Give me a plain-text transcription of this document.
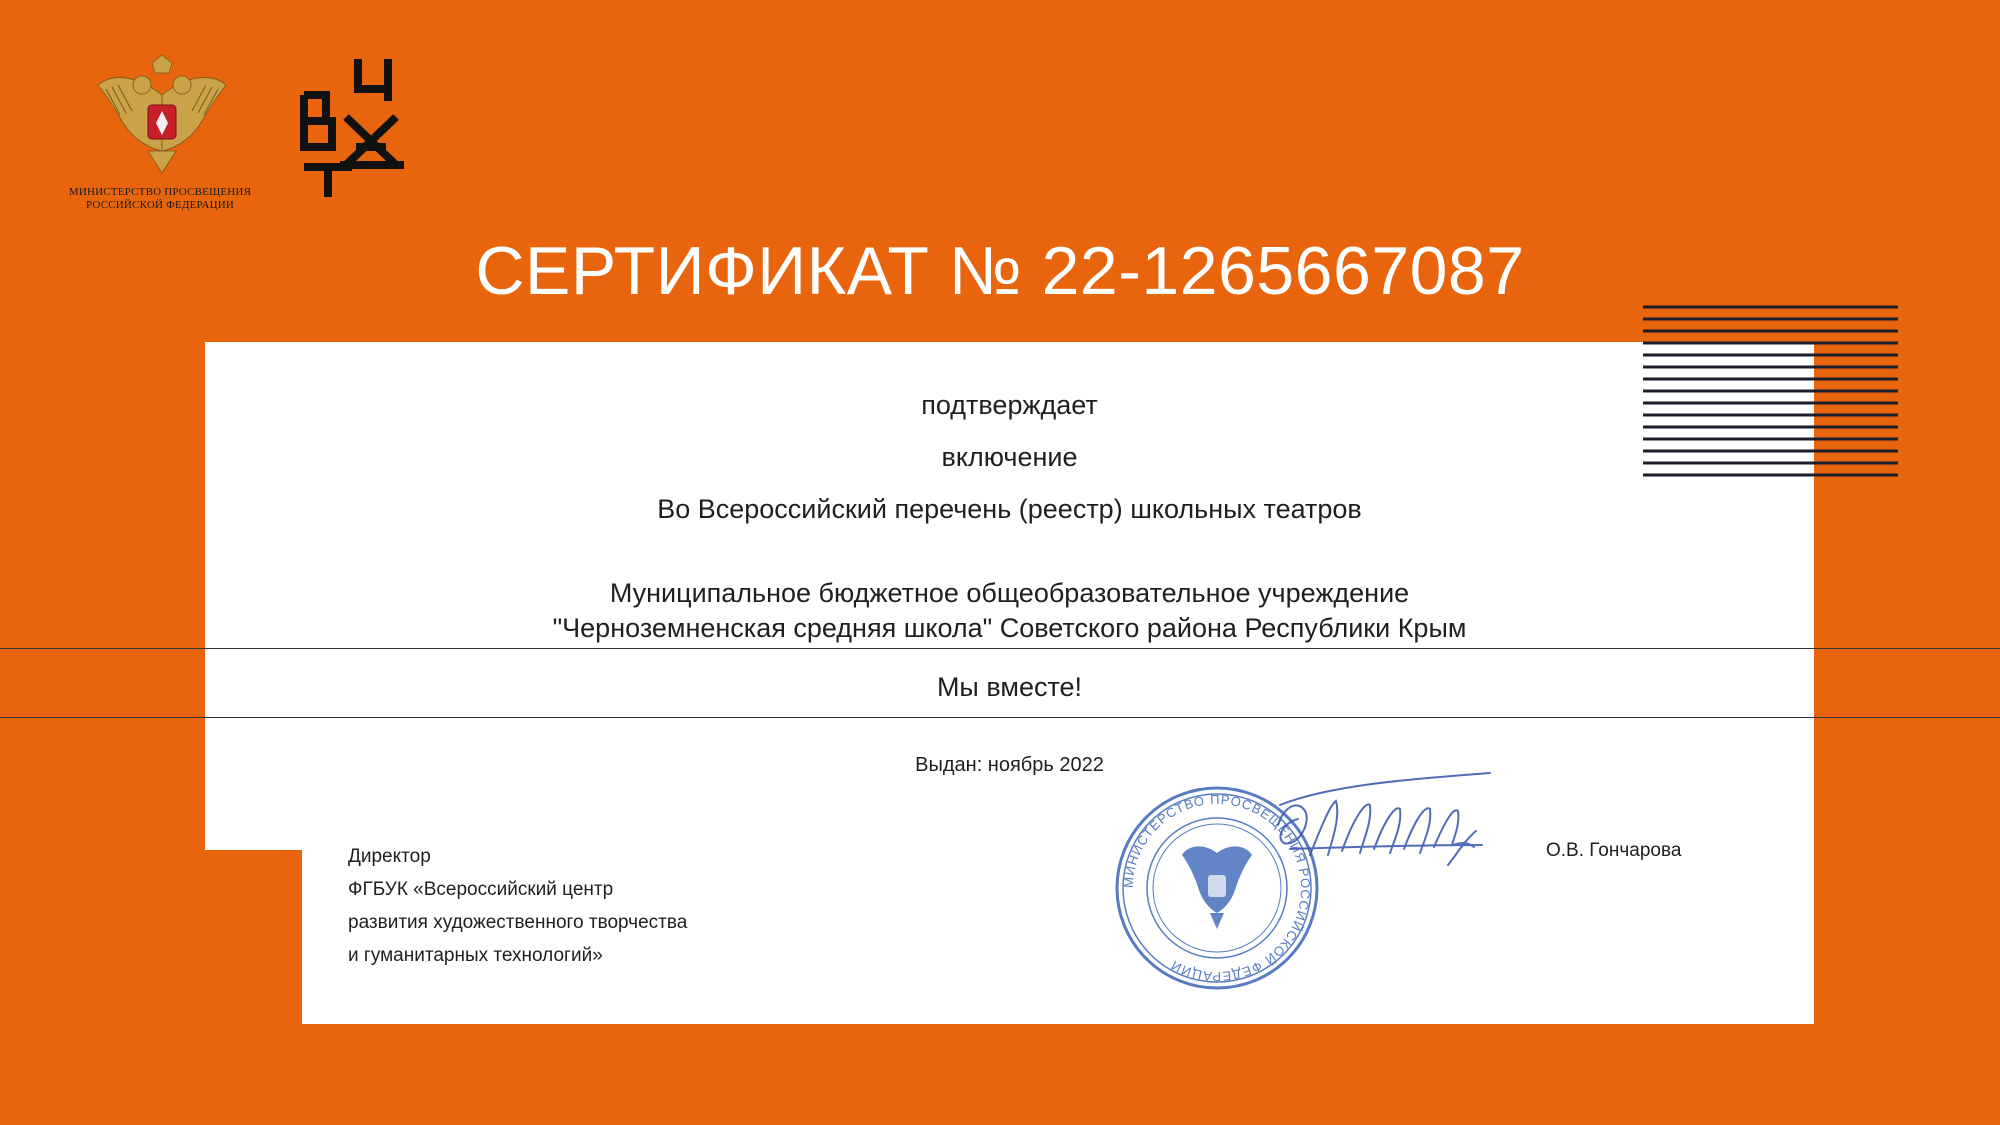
МИНИСТЕРСТВО ПРОСВЕЩЕНИЯ
РОССИЙСКОЙ ФЕДЕРАЦИИ
СЕРТИФИКАТ № 22-1265667087
подтверждает
включение
Во Всероссийский перечень (реестр) школьных театров
Муниципальное бюджетное общеобразовательное учреждение
"Черноземненская средняя школа" Советского района Республики Крым
Мы вместе!
Выдан: ноябрь 2022
Директор
ФГБУК «Всероссийский центр
развития художественного творчества
и гуманитарных технологий»
О.В. Гончарова
МИНИСТЕРСТВО ПРОСВЕЩЕНИЯ РОССИЙСКОЙ ФЕДЕРАЦИИ
